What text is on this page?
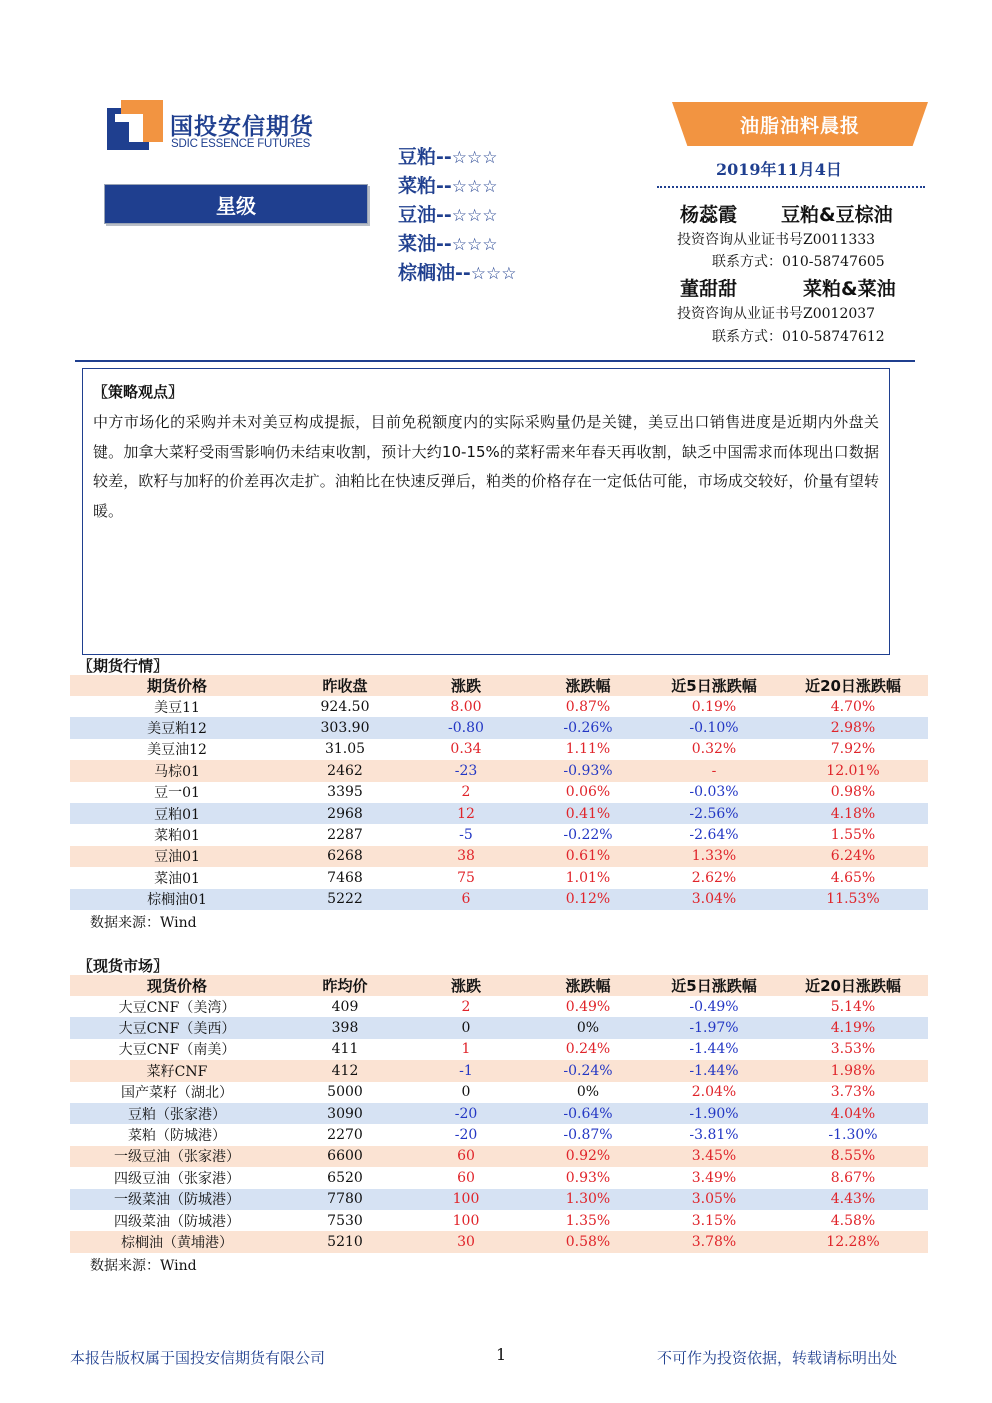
国投安信期货
SDIC ESSENCE FUTURES
星级
豆粕--☆☆☆
菜粕--☆☆☆
豆油--☆☆☆
菜油--☆☆☆
棕榈油--☆☆☆
油脂油料晨报
2019年11月4日
杨蕊霞 豆粕&豆棕油
投资咨询从业证书号Z0011333
联系方式：010-58747605
董甜甜	菜粕&菜油
投资咨询从业证书号Z0012037
联系方式：010-58747612
〖策略观点〗
中方市场化的采购并未对美豆构成提振，目前免税额度内的实际采购量仍是关键，美豆出口销售进度是近期内外盘关键。加拿大菜籽受雨雪影响仍未结束收割，预计大约10-15%的菜籽需来年春天再收割，缺乏中国需求而体现出口数据较差，欧籽与加籽的价差再次走扩。油粕比在快速反弹后，粕类的价格存在一定低估可能，市场成交较好，价量有望转暖。
〖期货行情〗
期货价格	昨收盘	涨跌	涨跌幅	近5日涨跌幅	近20日涨跌幅
美豆11	924.50	8.00	0.87%	0.19%	4.70%
美豆粕12	303.90	-0.80	-0.26%	-0.10%	2.98%
美豆油12	31.05	0.34	1.11%	0.32%	7.92%
马棕01	2462	-23	-0.93%	-	12.01%
豆一01	3395	2	0.06%	-0.03%	0.98%
豆粕01	2968	12	0.41%	-2.56%	4.18%
菜粕01	2287	-5	-0.22%	-2.64%	1.55%
豆油01	6268	38	0.61%	1.33%	6.24%
菜油01	7468	75	1.01%	2.62%	4.65%
棕榈油01	5222	6	0.12%	3.04%	11.53%
数据来源：Wind
〖现货市场〗
现货价格	昨均价	涨跌	涨跌幅	近5日涨跌幅	近20日涨跌幅
大豆CNF（美湾）	409	2	0.49%	-0.49%	5.14%
大豆CNF（美西）	398	0	0%	-1.97%	4.19%
大豆CNF（南美）	411	1	0.24%	-1.44%	3.53%
菜籽CNF	412	-1	-0.24%	-1.44%	1.98%
国产菜籽（湖北）	5000	0	0%	2.04%	3.73%
豆粕（张家港）	3090	-20	-0.64%	-1.90%	4.04%
菜粕（防城港）	2270	-20	-0.87%	-3.81%	-1.30%
一级豆油（张家港）	6600	60	0.92%	3.45%	8.55%
四级豆油（张家港）	6520	60	0.93%	3.49%	8.67%
一级菜油（防城港）	7780	100	1.30%	3.05%	4.43%
四级菜油（防城港）	7530	100	1.35%	3.15%	4.58%
棕榈油（黄埔港）	5210	30	0.58%	3.78%	12.28%
数据来源：Wind
本报告版权属于国投安信期货有限公司	1	不可作为投资依据，转载请标明出处
